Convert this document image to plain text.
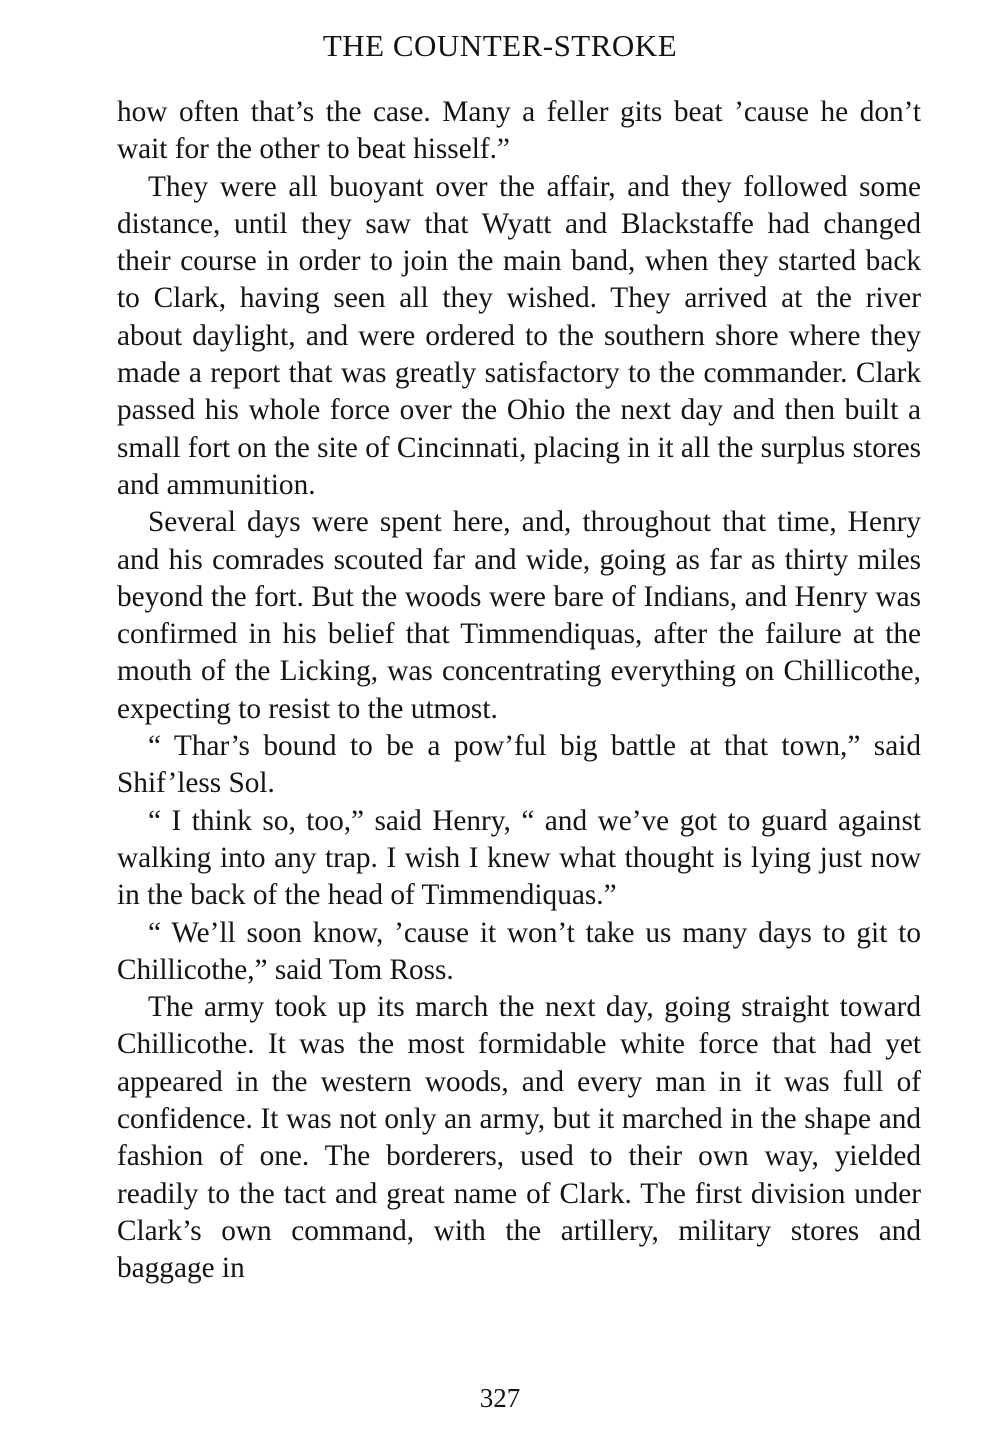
THE COUNTER-STROKE

how often that’s the case. Many a feller gits beat ’cause he don’t wait for the other to beat hisself.”

They were all buoyant over the affair, and they followed some distance, until they saw that Wyatt and Blackstaffe had changed their course in order to join the main band, when they started back to Clark, having seen all they wished. They arrived at the river about daylight, and were ordered to the southern shore where they made a report that was greatly satisfactory to the commander. Clark passed his whole force over the Ohio the next day and then built a small fort on the site of Cincinnati, placing in it all the surplus stores and ammunition.

Several days were spent here, and, throughout that time, Henry and his comrades scouted far and wide, going as far as thirty miles beyond the fort. But the woods were bare of Indians, and Henry was confirmed in his belief that Timmendiquas, after the failure at the mouth of the Licking, was concentrating everything on Chillicothe, expecting to resist to the utmost.

“ Thar’s bound to be a pow’ful big battle at that town,” said Shif’less Sol.

“ I think so, too,” said Henry, “ and we’ve got to guard against walking into any trap. I wish I knew what thought is lying just now in the back of the head of Timmendiquas.”

“ We’ll soon know, ’cause it won’t take us many days to git to Chillicothe,” said Tom Ross.

The army took up its march the next day, going straight toward Chillicothe. It was the most formidable white force that had yet appeared in the western woods, and every man in it was full of confidence. It was not only an army, but it marched in the shape and fashion of one. The borderers, used to their own way, yielded readily to the tact and great name of Clark. The first division under Clark’s own command, with the artillery, military stores and baggage in

327
